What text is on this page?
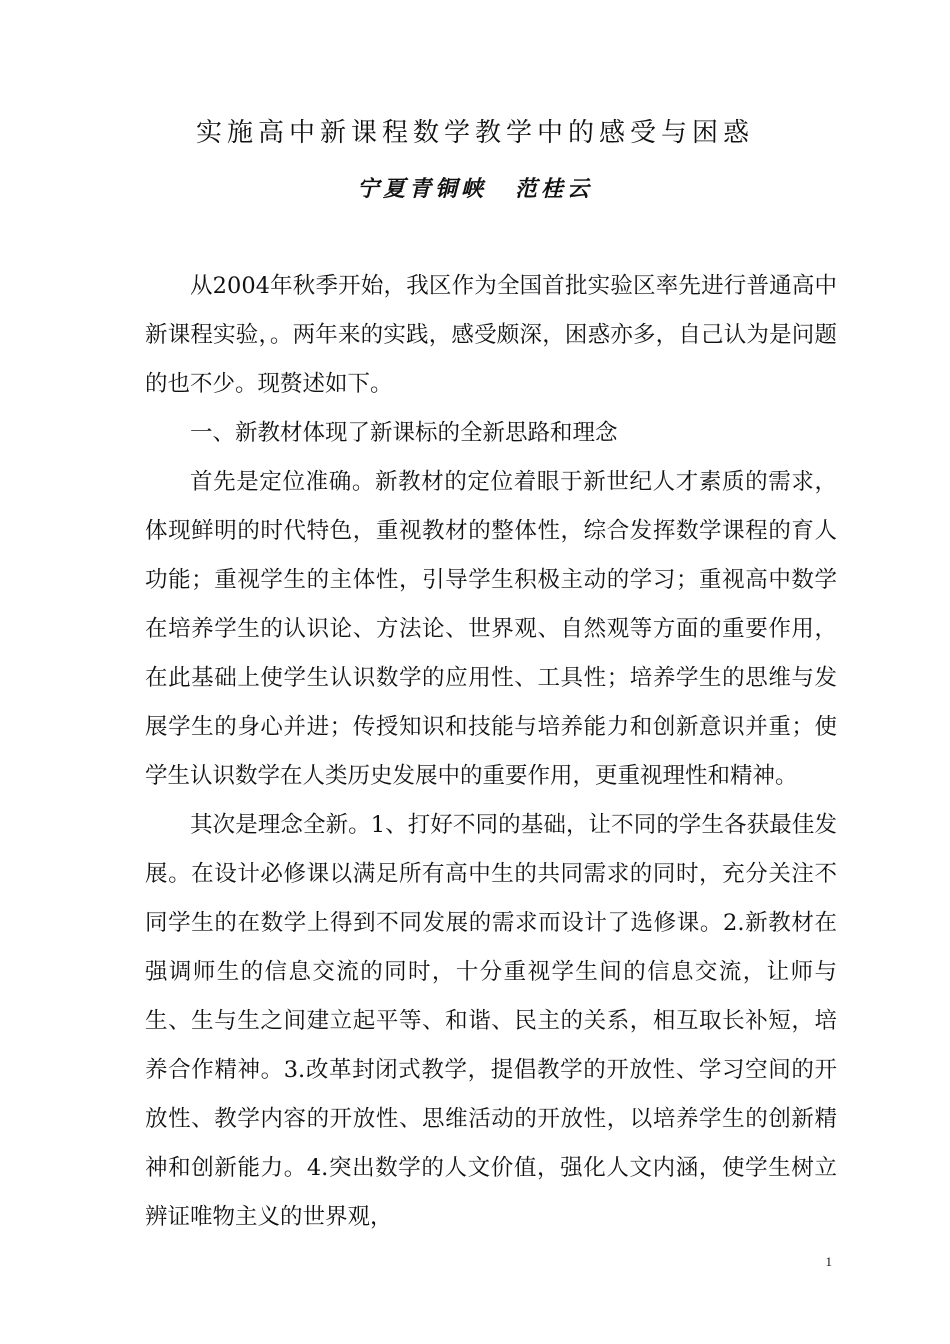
实施高中新课程数学教学中的感受与困惑
宁夏青铜峡 范桂云

从2004年秋季开始，我区作为全国首批实验区率先进行普通高中新课程实验，。两年来的实践，感受颇深，困惑亦多，自己认为是问题的也不少。现赘述如下。

一、新教材体现了新课标的全新思路和理念

首先是定位准确。新教材的定位着眼于新世纪人才素质的需求，体现鲜明的时代特色，重视教材的整体性，综合发挥数学课程的育人功能；重视学生的主体性，引导学生积极主动的学习；重视高中数学在培养学生的认识论、方法论、世界观、自然观等方面的重要作用，在此基础上使学生认识数学的应用性、工具性；培养学生的思维与发展学生的身心并进；传授知识和技能与培养能力和创新意识并重；使学生认识数学在人类历史发展中的重要作用，更重视理性和精神。

其次是理念全新。1、打好不同的基础，让不同的学生各获最佳发展。在设计必修课以满足所有高中生的共同需求的同时，充分关注不同学生的在数学上得到不同发展的需求而设计了选修课。2.新教材在强调师生的信息交流的同时，十分重视学生间的信息交流，让师与生、生与生之间建立起平等、和谐、民主的关系，相互取长补短，培养合作精神。3.改革封闭式教学，提倡教学的开放性、学习空间的开放性、教学内容的开放性、思维活动的开放性，以培养学生的创新精神和创新能力。4.突出数学的人文价值，强化人文内涵，使学生树立辨证唯物主义的世界观，

1
